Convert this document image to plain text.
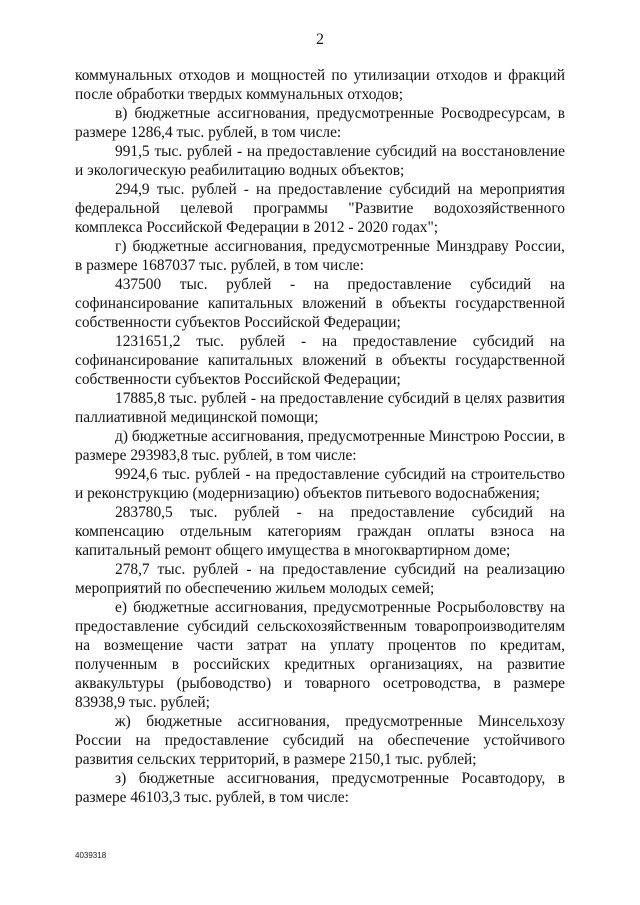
2

коммунальных отходов и мощностей по утилизации отходов и фракций после обработки твердых коммунальных отходов;

в) бюджетные ассигнования, предусмотренные Росводресурсам, в размере 1286,4 тыс. рублей, в том числе:

991,5 тыс. рублей - на предоставление субсидий на восстановление и экологическую реабилитацию водных объектов;

294,9 тыс. рублей - на предоставление субсидий на мероприятия федеральной целевой программы "Развитие водохозяйственного комплекса Российской Федерации в 2012 - 2020 годах";

г) бюджетные ассигнования, предусмотренные Минздраву России, в размере 1687037 тыс. рублей, в том числе:

437500 тыс. рублей - на предоставление субсидий на софинансирование капитальных вложений в объекты государственной собственности субъектов Российской Федерации;

1231651,2 тыс. рублей - на предоставление субсидий на софинансирование капитальных вложений в объекты государственной собственности субъектов Российской Федерации;

17885,8 тыс. рублей - на предоставление субсидий в целях развития паллиативной медицинской помощи;

д) бюджетные ассигнования, предусмотренные Минстрою России, в размере 293983,8 тыс. рублей, в том числе:

9924,6 тыс. рублей - на предоставление субсидий на строительство и реконструкцию (модернизацию) объектов питьевого водоснабжения;

283780,5 тыс. рублей - на предоставление субсидий на компенсацию отдельным категориям граждан оплаты взноса на капитальный ремонт общего имущества в многоквартирном доме;

278,7 тыс. рублей - на предоставление субсидий на реализацию мероприятий по обеспечению жильем молодых семей;

е) бюджетные ассигнования, предусмотренные Росрыболовству на предоставление субсидий сельскохозяйственным товаропроизводителям на возмещение части затрат на уплату процентов по кредитам, полученным в российских кредитных организациях, на развитие аквакультуры (рыбоводство) и товарного осетроводства, в размере 83938,9 тыс. рублей;

ж) бюджетные ассигнования, предусмотренные Минсельхозу России на предоставление субсидий на обеспечение устойчивого развития сельских территорий, в размере 2150,1 тыс. рублей;

з) бюджетные ассигнования, предусмотренные Росавтодору, в размере 46103,3 тыс. рублей, в том числе:

4039318
